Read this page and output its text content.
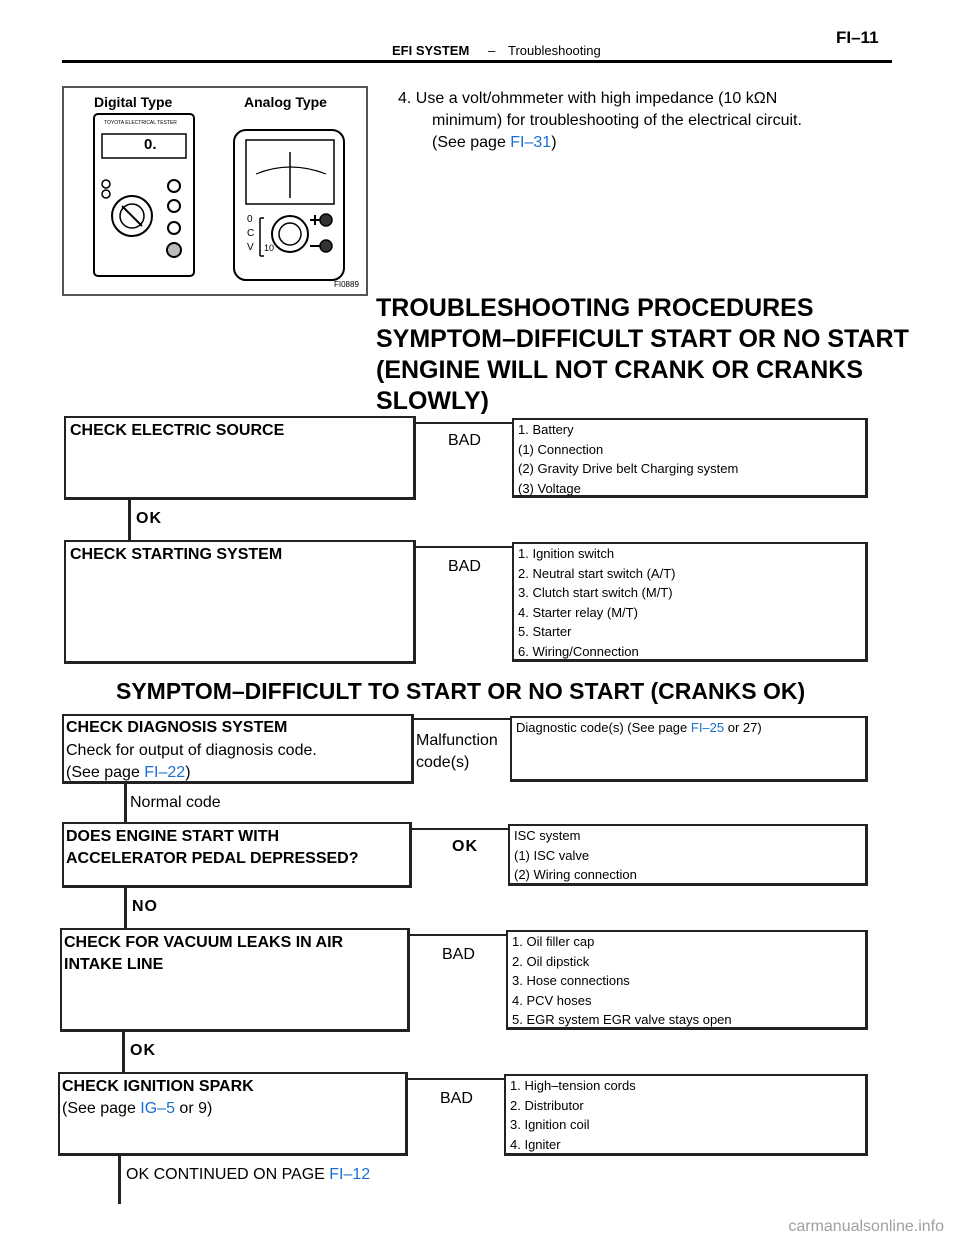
EFI SYSTEM – Troubleshooting
FI–11
Digital Type	Analog Type
TOYOTA ELECTRICAL TESTER
0.
0
C
V 10
FI0889
4. Use a volt/ohmmeter with high impedance (10 kΩN
minimum) for troubleshooting of the electrical circuit.
(See page FI–31)
TROUBLESHOOTING PROCEDURES
SYMPTOM–DIFFICULT START OR NO START
(ENGINE WILL NOT CRANK OR CRANKS
SLOWLY)
CHECK ELECTRIC SOURCE
BAD
1. Battery
(1) Connection
(2) Gravity Drive belt Charging system
(3) Voltage
OK
CHECK STARTING SYSTEM
BAD
1. Ignition switch
2. Neutral start switch (A/T)
3. Clutch start switch (M/T)
4. Starter relay (M/T)
5. Starter
6. Wiring/Connection
SYMPTOM–DIFFICULT TO START OR NO START (CRANKS OK)
CHECK DIAGNOSIS SYSTEM
Check for output of diagnosis code.
(See page FI–22)
Malfunction
code(s)
Diagnostic code(s) (See page FI–25 or 27)
Normal code
DOES ENGINE START WITH
ACCELERATOR PEDAL DEPRESSED?
OK
ISC system
(1) ISC valve
(2) Wiring connection
NO
CHECK FOR VACUUM LEAKS IN AIR
INTAKE LINE
BAD
1. Oil filler cap
2. Oil dipstick
3. Hose connections
4. PCV hoses
5. EGR system EGR valve stays open
OK
CHECK IGNITION SPARK
(See page IG–5 or 9)
BAD
1. High–tension cords
2. Distributor
3. Ignition coil
4. Igniter
OK CONTINUED ON PAGE FI–12
carmanualsonline.info
